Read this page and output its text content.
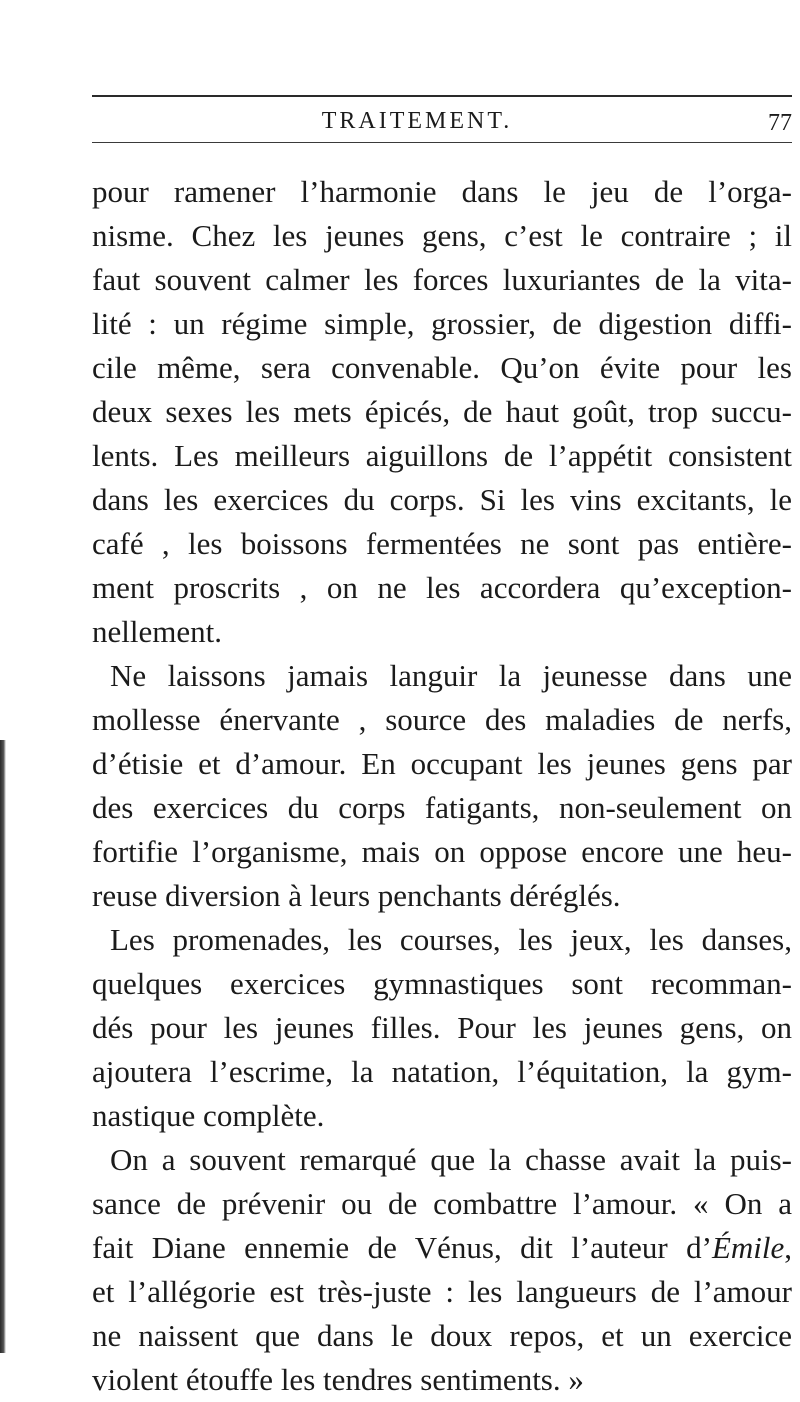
TRAITEMENT.	77
pour ramener l’harmonie dans le jeu de l’orga-
nisme. Chez les jeunes gens, c’est le contraire ; il
faut souvent calmer les forces luxuriantes de la vita-
lité : un régime simple, grossier, de digestion diffi-
cile même, sera convenable. Qu’on évite pour les
deux sexes les mets épicés, de haut goût, trop succu-
lents. Les meilleurs aiguillons de l’appétit consistent
dans les exercices du corps. Si les vins excitants, le
café , les boissons fermentées ne sont pas entière-
ment proscrits , on ne les accordera qu’exception-
nellement.
Ne laissons jamais languir la jeunesse dans une
mollesse énervante , source des maladies de nerfs,
d’étisie et d’amour. En occupant les jeunes gens par
des exercices du corps fatigants, non-seulement on
fortifie l’organisme, mais on oppose encore une heu-
reuse diversion à leurs penchants déréglés.
Les promenades, les courses, les jeux, les danses,
quelques exercices gymnastiques sont recomman-
dés pour les jeunes filles. Pour les jeunes gens, on
ajoutera l’escrime, la natation, l’équitation, la gym-
nastique complète.
On a souvent remarqué que la chasse avait la puis-
sance de prévenir ou de combattre l’amour. « On a
fait Diane ennemie de Vénus, dit l’auteur d’Émile,
et l’allégorie est très-juste : les langueurs de l’amour
ne naissent que dans le doux repos, et un exercice
violent étouffe les tendres sentiments. »
